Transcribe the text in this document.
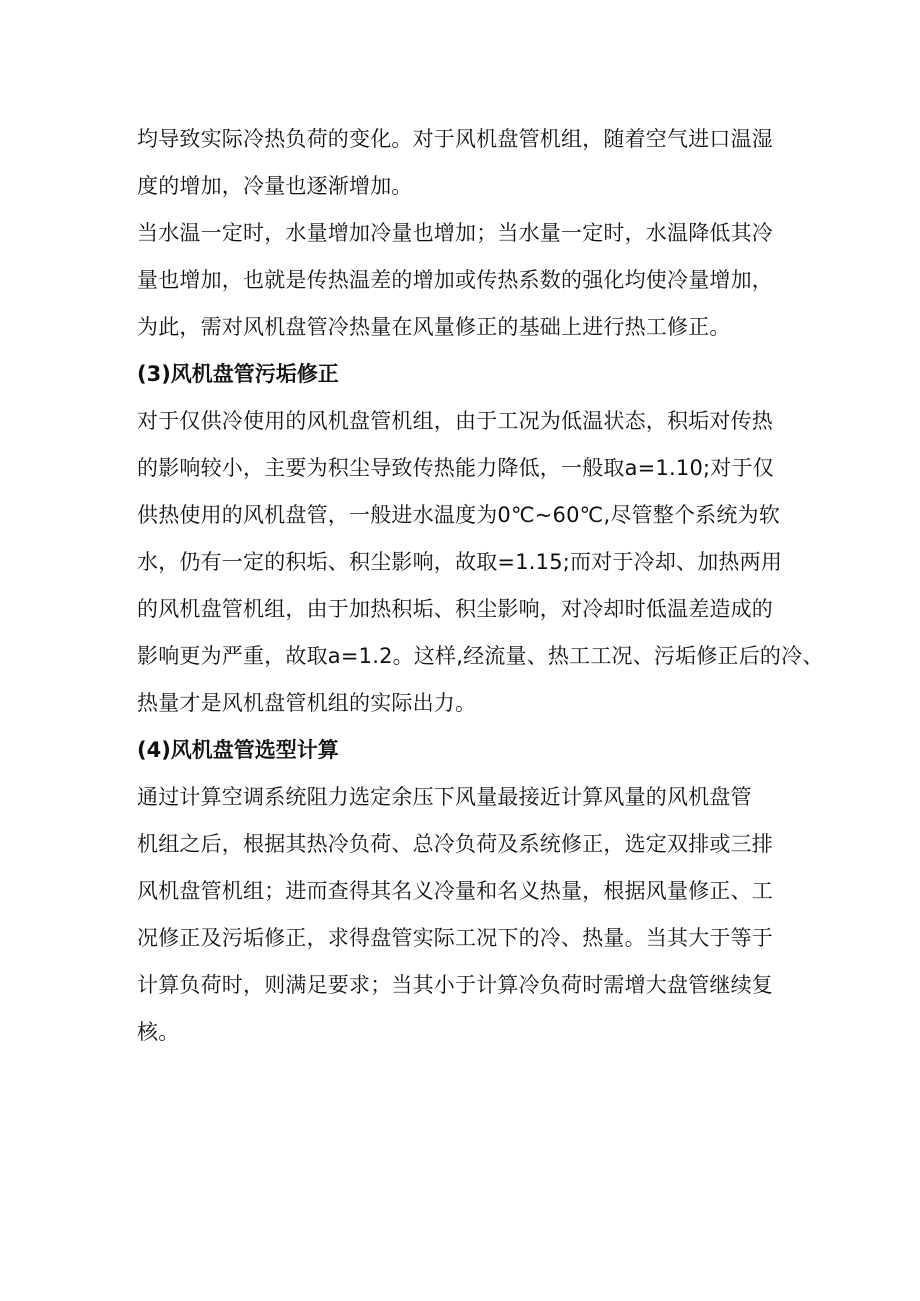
均导致实际冷热负荷的变化。对于风机盘管机组，随着空气进口温湿
度的增加，冷量也逐渐增加。

当水温一定时，水量增加冷量也增加；当水量一定时，水温降低其冷
量也增加，也就是传热温差的增加或传热系数的强化均使冷量增加，
为此，需对风机盘管冷热量在风量修正的基础上进行热工修正。

(3)风机盘管污垢修正

对于仅供冷使用的风机盘管机组，由于工况为低温状态，积垢对传热
的影响较小，主要为积尘导致传热能力降低，一般取a=1.10;对于仅
供热使用的风机盘管，一般进水温度为0℃~60℃,尽管整个系统为软
水，仍有一定的积垢、积尘影响，故取=1.15;而对于冷却、加热两用
的风机盘管机组，由于加热积垢、积尘影响，对冷却时低温差造成的
影响更为严重，故取a=1.2。这样,经流量、热工工况、污垢修正后的冷、
热量才是风机盘管机组的实际出力。

(4)风机盘管选型计算

通过计算空调系统阻力选定余压下风量最接近计算风量的风机盘管
机组之后，根据其热冷负荷、总冷负荷及系统修正，选定双排或三排
风机盘管机组；进而查得其名义冷量和名义热量，根据风量修正、工
况修正及污垢修正，求得盘管实际工况下的冷、热量。当其大于等于
计算负荷时，则满足要求；当其小于计算冷负荷时需增大盘管继续复
核。
